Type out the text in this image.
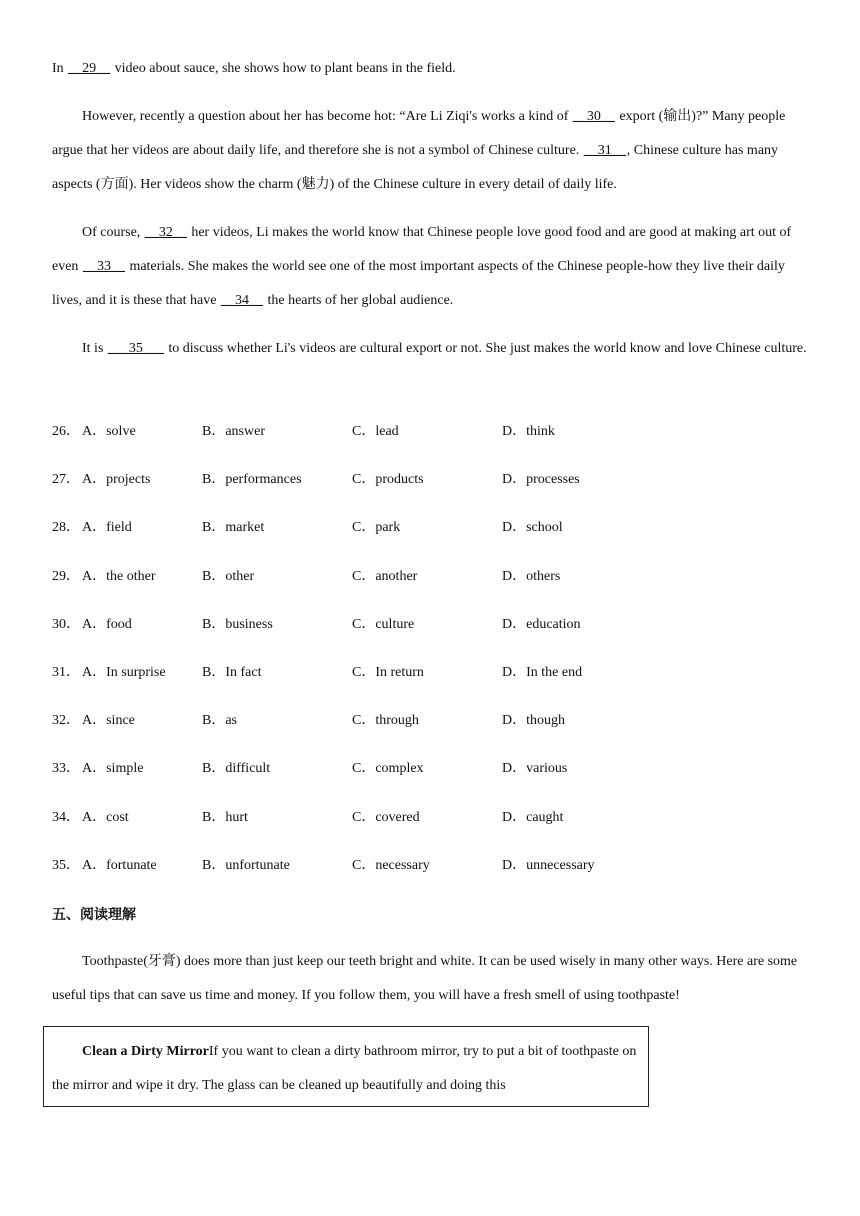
In __29__ video about sauce, she shows how to plant beans in the field.
However, recently a question about her has become hot: “Are Li Ziqi's works a kind of __30__ export (输出)?” Many people argue that her videos are about daily life, and therefore she is not a symbol of Chinese culture. __31__, Chinese culture has many aspects (方面). Her videos show the charm (魅力) of the Chinese culture in every detail of daily life.
Of course, __32__ her videos, Li makes the world know that Chinese people love good food and are good at making art out of even __33__ materials. She makes the world see one of the most important aspects of the Chinese people-how they live their daily lives, and it is these that have __34__ the hearts of her global audience.
It is ___35___ to discuss whether Li's videos are cultural export or not. She just makes the world know and love Chinese culture.
26． A．solve	B．answer	C．lead	D．think
27． A．projects	B．performances	C．products	D．processes
28． A．field	B．market	C．park	D．school
29． A．the other	B．other	C．another	D．others
30． A．food	B．business	C．culture	D．education
31． A．In surprise	B．In fact	C．In return	D．In the end
32． A．since	B．as	C．through	D．though
33． A．simple	B．difficult	C．complex	D．various
34． A．cost	B．hurt	C．covered	D．caught
35． A．fortunate	B．unfortunate	C．necessary	D．unnecessary
五、阅读理解
Toothpaste(牙膏) does more than just keep our teeth bright and white. It can be used wisely in many other ways. Here are some useful tips that can save us time and money. If you follow them, you will have a fresh smell of using toothpaste!
Clean a Dirty MirrorIf you want to clean a dirty bathroom mirror, try to put a bit of toothpaste on the mirror and wipe it dry. The glass can be cleaned up beautifully and doing this
